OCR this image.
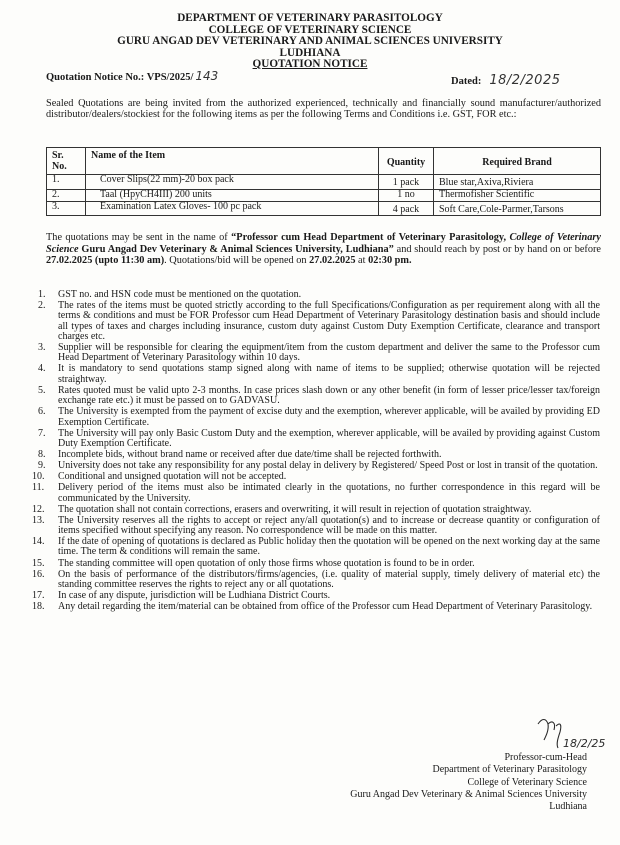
DEPARTMENT OF VETERINARY PARASITOLOGY
COLLEGE OF VETERINARY SCIENCE
GURU ANGAD DEV VETERINARY AND ANIMAL SCIENCES UNIVERSITY
LUDHIANA
QUOTATION NOTICE
Quotation Notice No.: VPS/2025/ 143	Dated: 18/2/2025
Sealed Quotations are being invited from the authorized experienced, technically and financially sound manufacturer/authorized distributor/dealers/stockiest for the following items as per the following Terms and Conditions i.e. GST, FOR etc.:
Sr. No.	Name of the Item	Quantity	Required Brand
1.	Cover Slips(22 mm)-20 box pack	1 pack	Blue star,Axiva,Riviera
2.	Taal (HpyCH4III) 200 units	1 no	Thermofisher Scientific
3.	Examination Latex Gloves- 100 pc pack	4 pack	Soft Care,Cole-Parmer,Tarsons
The quotations may be sent in the name of “Professor cum Head Department of Veterinary Parasitology, College of Veterinary Science Guru Angad Dev Veterinary & Animal Sciences University, Ludhiana” and should reach by post or by hand on or before 27.02.2025 (upto 11:30 am). Quotations/bid will be opened on 27.02.2025 at 02:30 pm.
1.	GST no. and HSN code must be mentioned on the quotation.
2.	The rates of the items must be quoted strictly according to the full Specifications/Configuration as per requirement along with all the terms & conditions and must be FOR Professor cum Head Department of Veterinary Parasitology destination basis and should include all types of taxes and charges including insurance, custom duty against Custom Duty Exemption Certificate, clearance and transport charges etc.
3.	Supplier will be responsible for clearing the equipment/item from the custom department and deliver the same to the Professor cum Head Department of Veterinary Parasitology within 10 days.
4.	It is mandatory to send quotations stamp signed along with name of items to be supplied; otherwise quotation will be rejected straightway.
5.	Rates quoted must be valid upto 2-3 months. In case prices slash down or any other benefit (in form of lesser price/lesser tax/foreign exchange rate etc.) it must be passed on to GADVASU.
6.	The University is exempted from the payment of excise duty and the exemption, wherever applicable, will be availed by providing ED Exemption Certificate.
7.	The University will pay only Basic Custom Duty and the exemption, wherever applicable, will be availed by providing against Custom Duty Exemption Certificate.
8.	Incomplete bids, without brand name or received after due date/time shall be rejected forthwith.
9.	University does not take any responsibility for any postal delay in delivery by Registered/ Speed Post or lost in transit of the quotation.
10.	Conditional and unsigned quotation will not be accepted.
11.	Delivery period of the items must also be intimated clearly in the quotations, no further correspondence in this regard will be communicated by the University.
12.	The quotation shall not contain corrections, erasers and overwriting, it will result in rejection of quotation straightway.
13.	The University reserves all the rights to accept or reject any/all quotation(s) and to increase or decrease quantity or configuration of items specified without specifying any reason. No correspondence will be made on this matter.
14.	If the date of opening of quotations is declared as Public holiday then the quotation will be opened on the next working day at the same time. The term & conditions will remain the same.
15.	The standing committee will open quotation of only those firms whose quotation is found to be in order.
16.	On the basis of performance of the distributors/firms/agencies, (i.e. quality of material supply, timely delivery of material etc) the standing committee reserves the rights to reject any or all quotations.
17.	In case of any dispute, jurisdiction will be Ludhiana District Courts.
18.	Any detail regarding the item/material can be obtained from office of the Professor cum Head Department of Veterinary Parasitology.
18/2/25
Professor-cum-Head
Department of Veterinary Parasitology
College of Veterinary Science
Guru Angad Dev Veterinary & Animal Sciences University
Ludhiana
